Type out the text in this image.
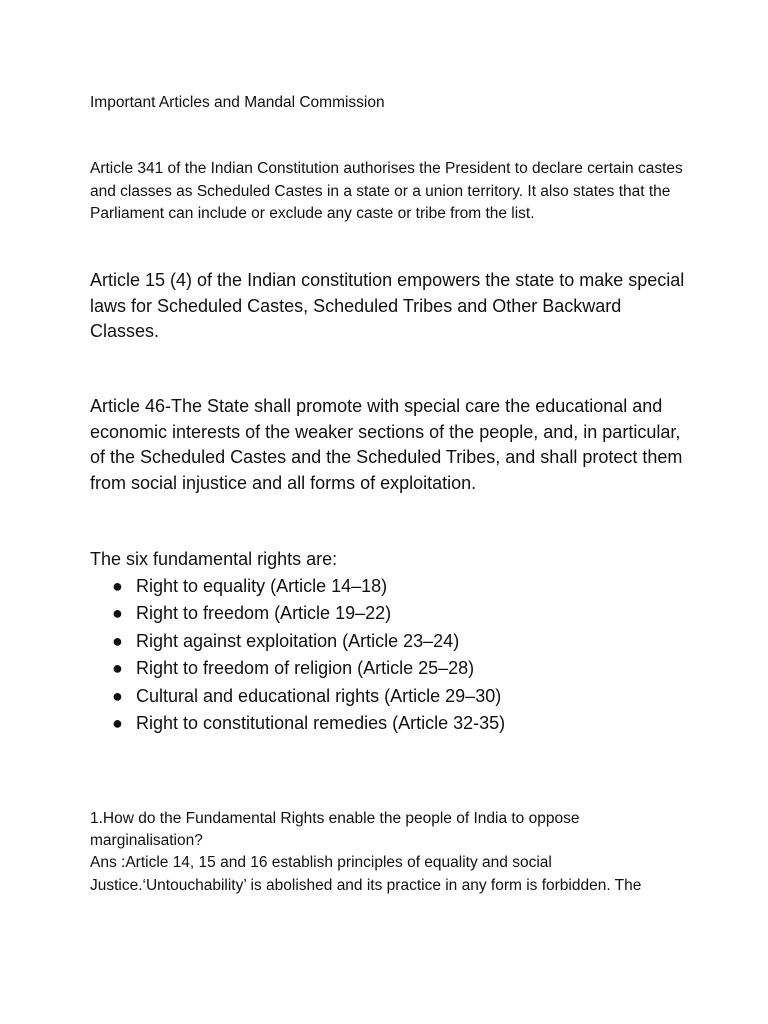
Important Articles and Mandal Commission

Article 341 of the Indian Constitution authorises the President to declare certain castes and classes as Scheduled Castes in a state or a union territory. It also states that the Parliament can include or exclude any caste or tribe from the list.

Article 15 (4) of the Indian constitution empowers the state to make special laws for Scheduled Castes, Scheduled Tribes and Other Backward Classes.

Article 46-The State shall promote with special care the educational and economic interests of the weaker sections of the people, and, in particular, of the Scheduled Castes and the Scheduled Tribes, and shall protect them from social injustice and all forms of exploitation.

The six fundamental rights are:

● Right to equality (Article 14–18)
● Right to freedom (Article 19–22)
● Right against exploitation (Article 23–24)
● Right to freedom of religion (Article 25–28)
● Cultural and educational rights (Article 29–30)
● Right to constitutional remedies (Article 32-35)

1.How do the Fundamental Rights enable the people of India to oppose marginalisation?

Ans :Article 14, 15 and 16 establish principles of equality and social Justice.‘Untouchability’ is abolished and its practice in any form is forbidden. The
